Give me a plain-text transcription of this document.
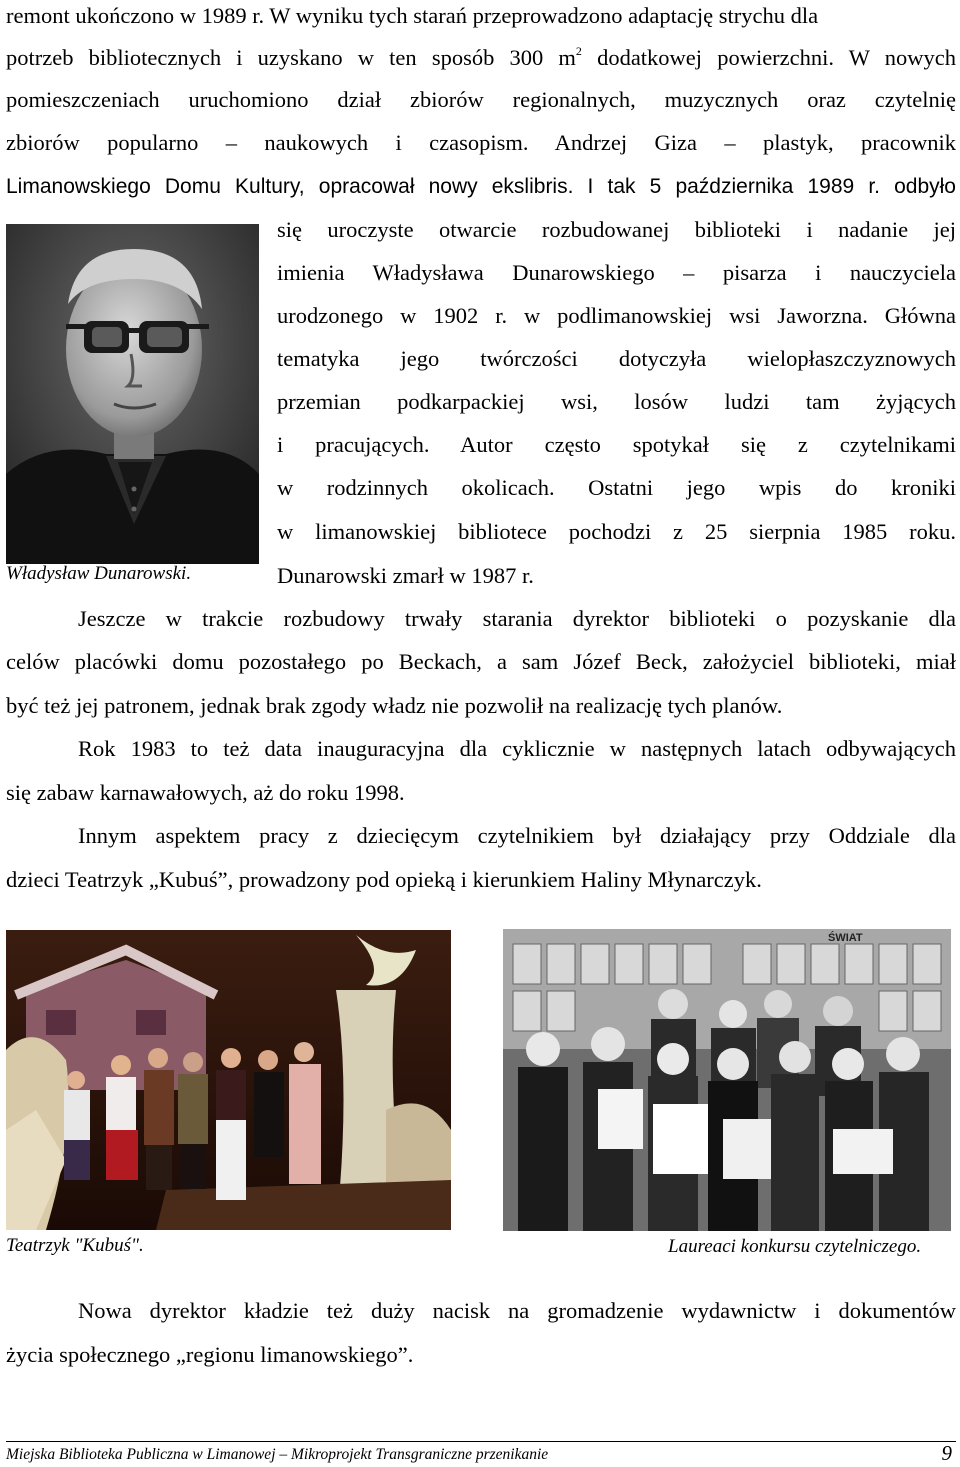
remont ukończono w 1989 r. W wyniku tych starań przeprowadzono adaptację strychu dla
potrzeb bibliotecznych i uzyskano w ten sposób 300 $m^2$ dodatkowej powierzchni. W nowych
pomieszczeniach uruchomiono dział zbiorów regionalnych, muzycznych oraz czytelnię
zbiorów popularno – naukowych i czasopism. Andrzej Giza – plastyk, pracownik
Limanowskiego Domu Kultury, opracował nowy ekslibris. I tak 5 października 1989 r. odbyło
się uroczyste otwarcie rozbudowanej biblioteki i nadanie jej
imienia Władysława Dunarowskiego – pisarza i nauczyciela
urodzonego w 1902 r. w podlimanowskiej wsi Jaworzna. Główna
tematyka jego twórczości dotyczyła wielopłaszczyznowych
przemian podkarpackiej wsi, losów ludzi tam żyjących
i pracujących. Autor często spotykał się z czytelnikami
w rodzinnych okolicach. Ostatni jego wpis do kroniki
w limanowskiej bibliotece pochodzi z 25 sierpnia 1985 roku.
Dunarowski zmarł w 1987 r.
Władysław Dunarowski.
Jeszcze w trakcie rozbudowy trwały starania dyrektor biblioteki o pozyskanie dla
celów placówki domu pozostałego po Beckach, a sam Józef Beck, założyciel biblioteki, miał
być też jej patronem, jednak brak zgody władz nie pozwolił na realizację tych planów.
Rok 1983 to też data inauguracyjna dla cyklicznie w następnych latach odbywających
się zabaw karnawałowych, aż do roku 1998.
Innym aspektem pracy z dziecięcym czytelnikiem był działający przy Oddziale dla
dzieci Teatrzyk „Kubuś”, prowadzony pod opieką i kierunkiem Haliny Młynarczyk.
ŚWIAT
Teatrzyk "Kubuś".	Laureaci konkursu czytelniczego.
Nowa dyrektor kładzie też duży nacisk na gromadzenie wydawnictw i dokumentów
życia społecznego „regionu limanowskiego”.
Miejska Biblioteka Publiczna w Limanowej – Mikroprojekt Transgraniczne przenikanie	9
